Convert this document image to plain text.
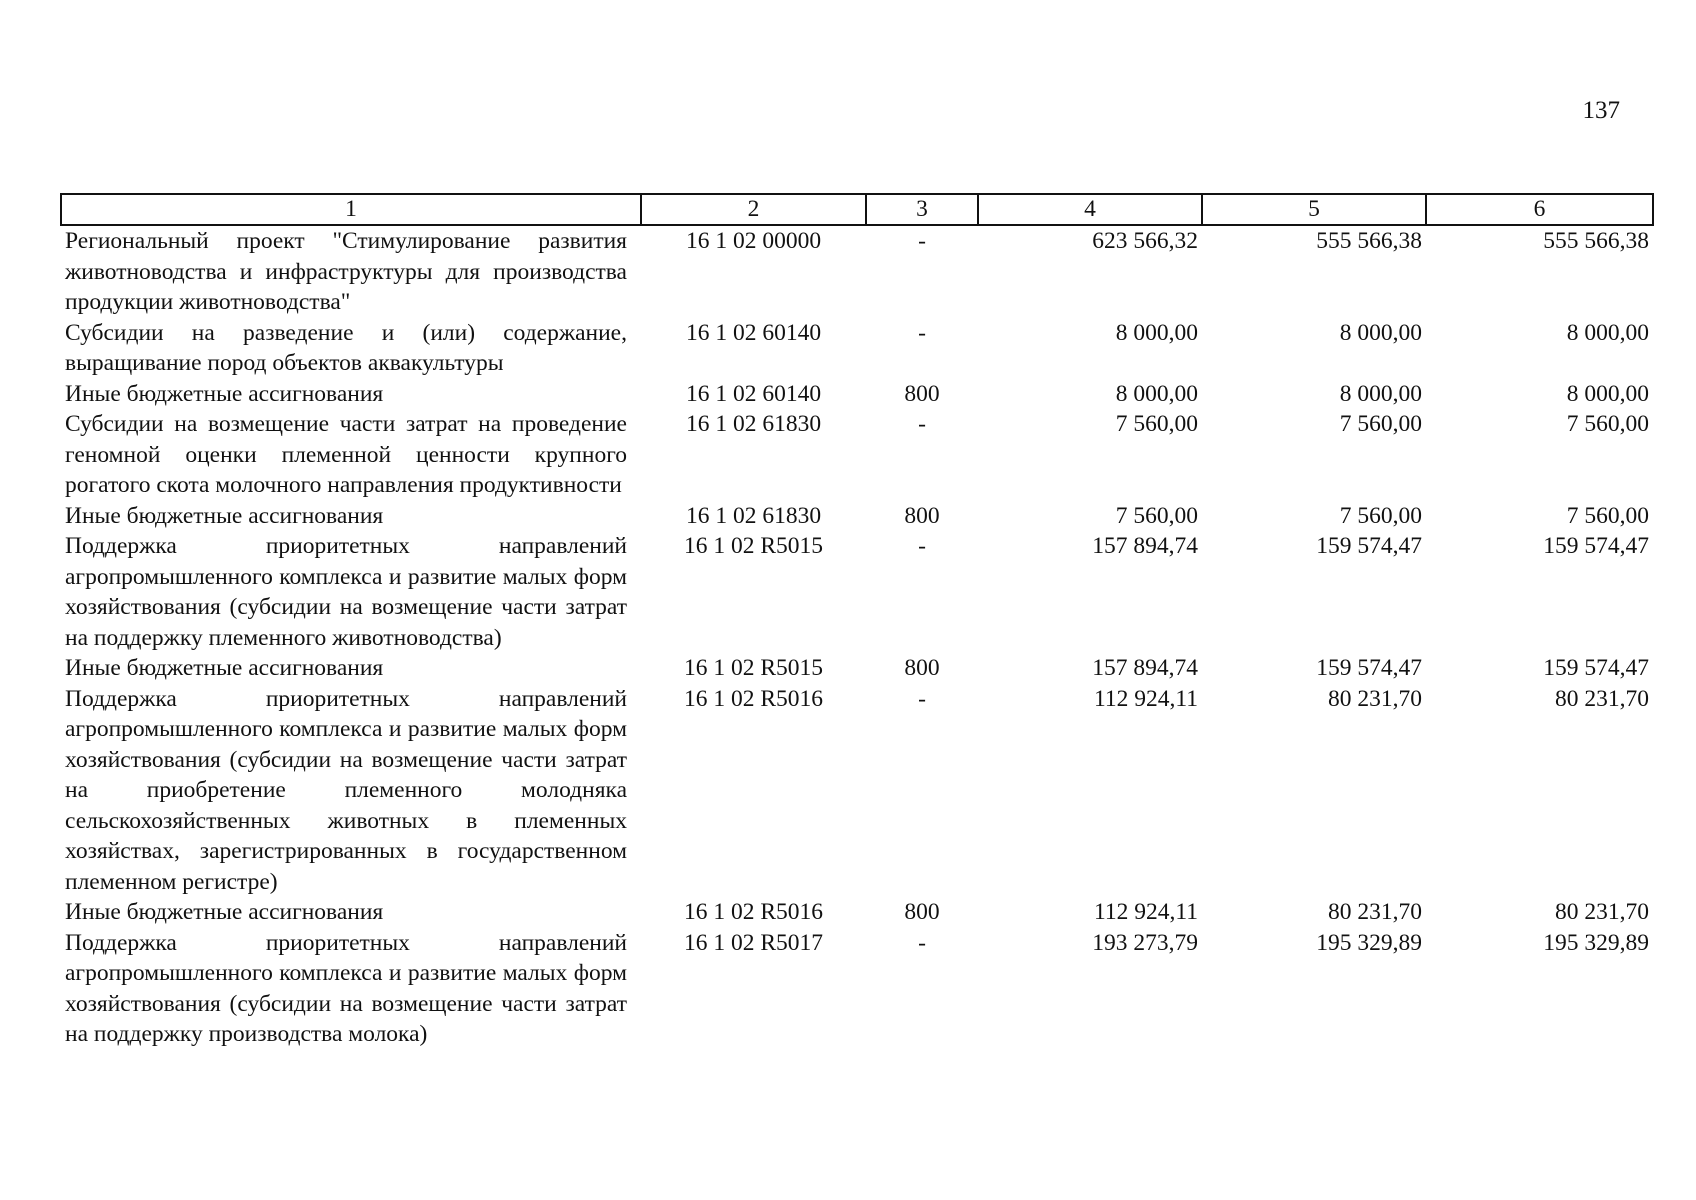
137
1	2	3	4	5	6
Региональный проект "Стимулирование развития животноводства и инфраструктуры для производства продукции животноводства"	16 1 02 00000	-	623 566,32	555 566,38	555 566,38
Субсидии на разведение и (или) содержание, выращивание пород объектов аквакультуры	16 1 02 60140	-	8 000,00	8 000,00	8 000,00
Иные бюджетные ассигнования	16 1 02 60140	800	8 000,00	8 000,00	8 000,00
Субсидии на возмещение части затрат на проведение геномной оценки племенной ценности крупного рогатого скота молочного направления продуктивности	16 1 02 61830	-	7 560,00	7 560,00	7 560,00
Иные бюджетные ассигнования	16 1 02 61830	800	7 560,00	7 560,00	7 560,00
Поддержка приоритетных направлений агропромышленного комплекса и развитие малых форм хозяйствования (субсидии на возмещение части затрат на поддержку племенного животноводства)	16 1 02 R5015	-	157 894,74	159 574,47	159 574,47
Иные бюджетные ассигнования	16 1 02 R5015	800	157 894,74	159 574,47	159 574,47
Поддержка приоритетных направлений агропромышленного комплекса и развитие малых форм хозяйствования (субсидии на возмещение части затрат на приобретение племенного молодняка сельскохозяйственных животных в племенных хозяйствах, зарегистрированных в государственном племенном регистре)	16 1 02 R5016	-	112 924,11	80 231,70	80 231,70
Иные бюджетные ассигнования	16 1 02 R5016	800	112 924,11	80 231,70	80 231,70
Поддержка приоритетных направлений агропромышленного комплекса и развитие малых форм хозяйствования (субсидии на возмещение части затрат на поддержку производства молока)	16 1 02 R5017	-	193 273,79	195 329,89	195 329,89
